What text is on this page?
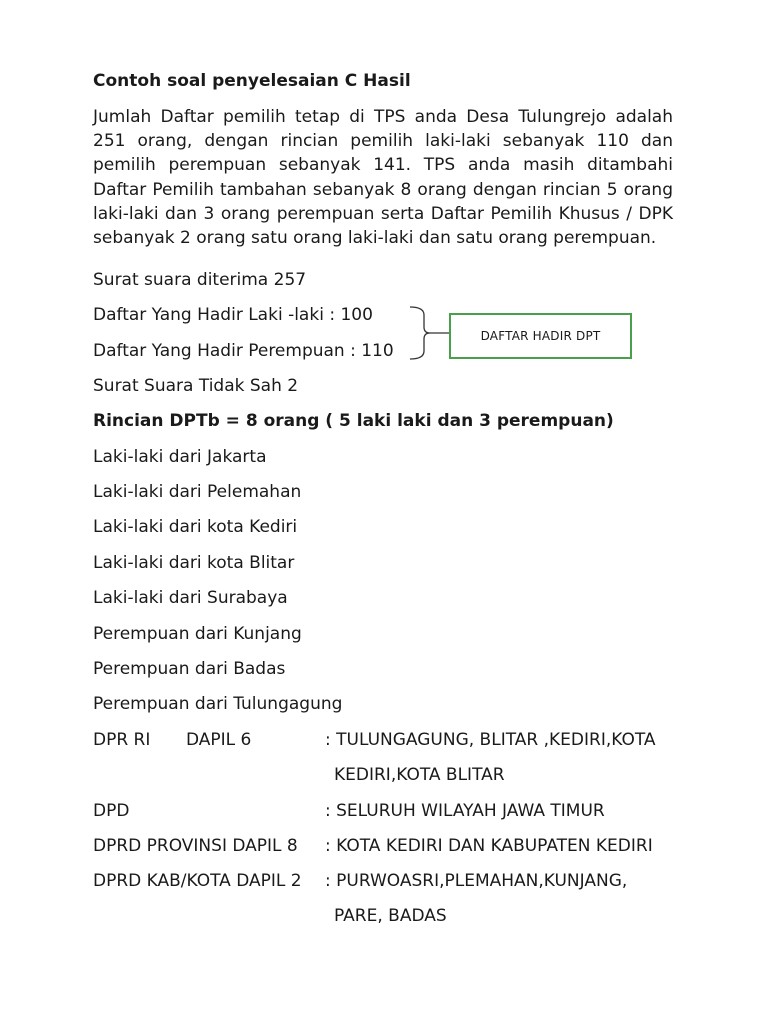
Contoh soal penyelesaian C Hasil
Jumlah Daftar pemilih tetap di TPS anda Desa Tulungrejo adalah 251 orang, dengan rincian pemilih laki-laki sebanyak 110 dan pemilih perempuan sebanyak 141. TPS anda masih ditambahi Daftar Pemilih tambahan sebanyak 8 orang dengan rincian 5 orang laki-laki dan 3 orang perempuan serta Daftar Pemilih Khusus / DPK sebanyak 2 orang satu orang laki-laki dan satu orang perempuan.
Surat suara diterima 257
Daftar Yang Hadir Laki -laki : 100
Daftar Yang Hadir Perempuan : 110
DAFTAR HADIR DPT
Surat Suara Tidak Sah 2
Rincian DPTb = 8 orang ( 5 laki laki dan 3 perempuan)
Laki-laki dari Jakarta
Laki-laki dari Pelemahan
Laki-laki dari kota Kediri
Laki-laki dari kota Blitar
Laki-laki dari Surabaya
Perempuan dari Kunjang
Perempuan dari Badas
Perempuan dari Tulungagung
DPR RI DAPIL 6	: TULUNGAGUNG, BLITAR ,KEDIRI,KOTA
KEDIRI,KOTA BLITAR
DPD	: SELURUH WILAYAH JAWA TIMUR
DPRD PROVINSI DAPIL 8 : KOTA KEDIRI DAN KABUPATEN KEDIRI
DPRD KAB/KOTA DAPIL 2 : PURWOASRI,PLEMAHAN,KUNJANG,
PARE, BADAS
